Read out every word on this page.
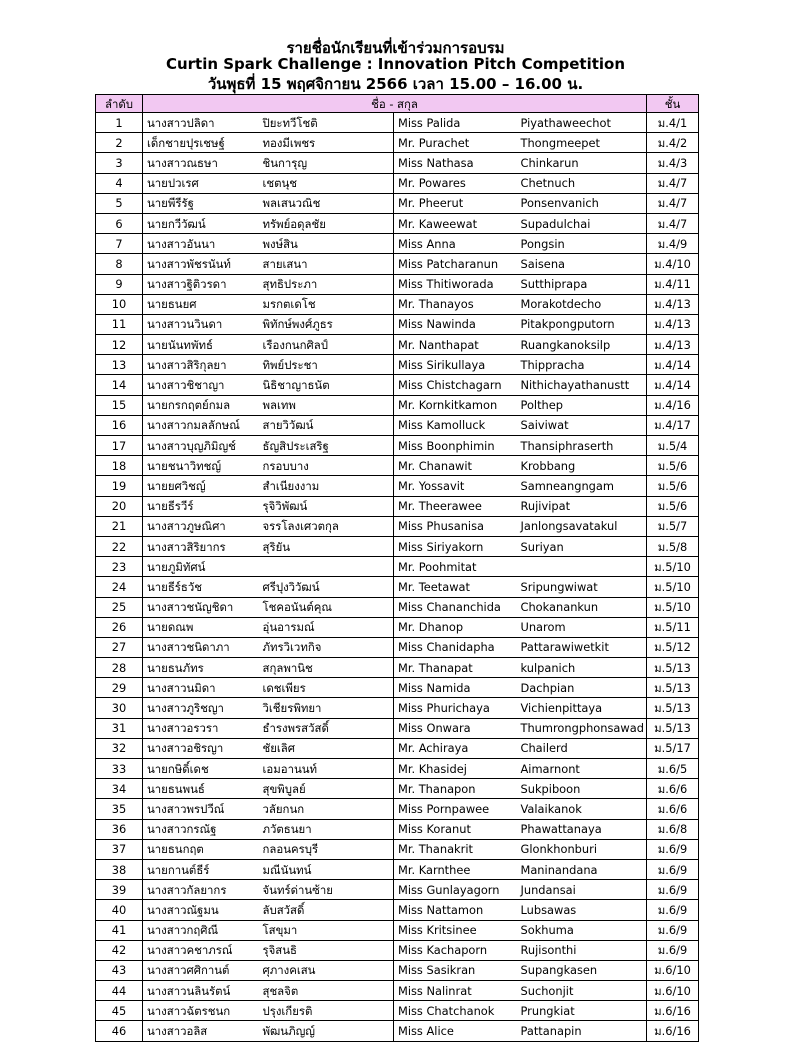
รายชื่อนักเรียนที่เข้าร่วมการอบรม
Curtin Spark Challenge : Innovation Pitch Competition
วันพุธที่ 15 พฤศจิกายน 2566 เวลา 15.00 – 16.00 น.
ลำดับ	ชื่อ - สกุล				ชั้น
1	นางสาวปลิดา	ปิยะทวีโชติ	Miss Palida	Piyathaweechot	ม.4/1
2	เด็กชายปุรเชษฐ์	ทองมีเพชร	Mr. Purachet	Thongmeepet	ม.4/2
3	นางสาวณธษา	ชินการุญ	Miss Nathasa	Chinkarun	ม.4/3
4	นายปวเรศ	เชตนุช	Mr. Powares	Chetnuch	ม.4/7
5	นายพีรีรัฐ	พลเสนวณิช	Mr. Pheerut	Ponsenvanich	ม.4/7
6	นายกวีวัฒน์	ทรัพย์อดุลชัย	Mr. Kaweewat	Supadulchai	ม.4/7
7	นางสาวอันนา	พงษ์สิน	Miss Anna	Pongsin	ม.4/9
8	นางสาวพัชรนันท์	สายเสนา	Miss Patcharanun	Saisena	ม.4/10
9	นางสาวฐิติวรดา	สุทธิประภา	Miss Thitiworada	Sutthiprapa	ม.4/11
10	นายธนยศ	มรกตเดโช	Mr. Thanayos	Morakotdecho	ม.4/13
11	นางสาวนวินดา	พิทักษ์พงศ์ภูธร	Miss Nawinda	Pitakpongputorn	ม.4/13
12	นายนันทพัทธ์	เรืองกนกศิลป์	Mr. Nanthapat	Ruangkanoksilp	ม.4/13
13	นางสาวสิริกุลยา	ทิพย์ประชา	Miss Sirikullaya	Thippracha	ม.4/14
14	นางสาวชิชาญา	นิธิชาญาธนัต	Miss Chistchagarn	Nithichayathanustt	ม.4/14
15	นายกรกฤตย์กมล	พลเทพ	Mr. Kornkitkamon	Polthep	ม.4/16
16	นางสาวกมลลักษณ์	สายวิวัฒน์	Miss Kamolluck	Saiviwat	ม.4/17
17	นางสาวบุญภิมิญช์	ธัญสิประเสริฐ	Miss Boonphimin	Thansiphraserth	ม.5/4
18	นายชนาวิทชญ์	กรอบบาง	Mr. Chanawit	Krobbang	ม.5/6
19	นายยศวิชญ์	สำเนียงงาม	Mr. Yossavit	Samneangngam	ม.5/6
20	นายธีรวีร์	รุจิวิพัฒน์	Mr. Theerawee	Rujivipat	ม.5/6
21	นางสาวภูษณิศา	จรรโลงเศวตกุล	Miss Phusanisa	Janlongsavatakul	ม.5/7
22	นางสาวสิริยากร	สุริยัน	Miss Siriyakorn	Suriyan	ม.5/8
23	นายภูมิทัศน์		Mr. Poohmitat		ม.5/10
24	นายธีร์ธวัช	ศรีปุงวิวัฒน์	Mr. Teetawat	Sripungwiwat	ม.5/10
25	นางสาวชนัญชิดา	โชคอนันต์คุณ	Miss Chananchida	Chokanankun	ม.5/10
26	นายดณพ	อุ่นอารมณ์	Mr. Dhanop	Unarom	ม.5/11
27	นางสาวชนิดาภา	ภัทรวิเวทกิจ	Miss Chanidapha	Pattarawiwetkit	ม.5/12
28	นายธนภัทร	สกุลพานิช	Mr. Thanapat	kulpanich	ม.5/13
29	นางสาวนมิดา	เดชเพียร	Miss Namida	Dachpian	ม.5/13
30	นางสาวภูริชญา	วิเชียรพิทยา	Miss Phurichaya	Vichienpittaya	ม.5/13
31	นางสาวอรวรา	ธำรงพรสวัสดิ์	Miss Onwara	Thumrongphonsawad	ม.5/13
32	นางสาวอชิรญา	ชัยเลิศ	Mr. Achiraya	Chailerd	ม.5/17
33	นายกษิดิ์เดช	เอมอานนท์	Mr. Khasidej	Aimarnont	ม.6/5
34	นายธนพนธ์	สุขพิบูลย์	Mr. Thanapon	Sukpiboon	ม.6/6
35	นางสาวพรปวีณ์	วลัยกนก	Miss Pornpawee	Valaikanok	ม.6/6
36	นางสาวกรณัฐ	ภวัตธนยา	Miss Koranut	Phawattanaya	ม.6/8
37	นายธนกฤต	กลอนครบุรี	Mr. Thanakrit	Glonkhonburi	ม.6/9
38	นายกานต์ธีร์	มณีนันทน์	Mr. Karnthee	Maninandana	ม.6/9
39	นางสาวกัลยากร	จันทร์ด่านซ้าย	Miss Gunlayagorn	Jundansai	ม.6/9
40	นางสาวณัฐมน	ลับสวัสดิ์	Miss Nattamon	Lubsawas	ม.6/9
41	นางสาวกฤศิณี	โสขุมา	Miss Kritsinee	Sokhuma	ม.6/9
42	นางสาวคชาภรณ์	รุจิสนธิ	Miss Kachaporn	Rujisonthi	ม.6/9
43	นางสาวศศิกานต์	ศุภางคเสน	Miss Sasikran	Supangkasen	ม.6/10
44	นางสาวนลินรัตน์	สุชลจิต	Miss Nalinrat	Suchonjit	ม.6/10
45	นางสาวฉัตรชนก	ปรุงเกียรติ	Miss Chatchanok	Prungkiat	ม.6/16
46	นางสาวอลิส	พัฒนภิญญ์	Miss Alice	Pattanapin	ม.6/16
